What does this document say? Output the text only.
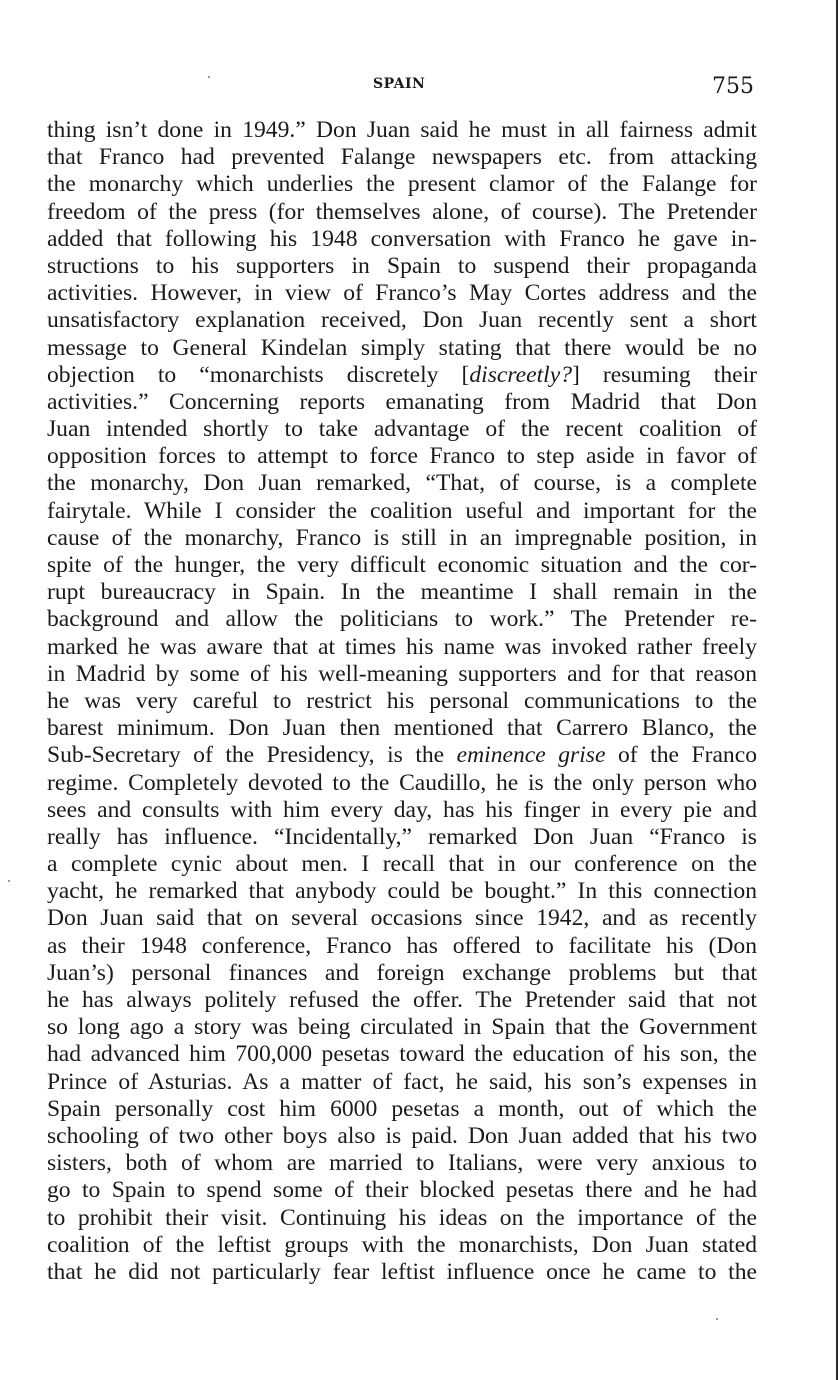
SPAIN	755
thing isn’t done in 1949.” Don Juan said he must in all fairness admit
that Franco had prevented Falange newspapers etc. from attacking
the monarchy which underlies the present clamor of the Falange for
freedom of the press (for themselves alone, of course). The Pretender
added that following his 1948 conversation with Franco he gave in-
structions to his supporters in Spain to suspend their propaganda
activities. However, in view of Franco’s May Cortes address and the
unsatisfactory explanation received, Don Juan recently sent a short
message to General Kindelan simply stating that there would be no
objection to “monarchists discretely [discreetly?] resuming their
activities.” Concerning reports emanating from Madrid that Don
Juan intended shortly to take advantage of the recent coalition of
opposition forces to attempt to force Franco to step aside in favor of
the monarchy, Don Juan remarked, “That, of course, is a complete
fairytale. While I consider the coalition useful and important for the
cause of the monarchy, Franco is still in an impregnable position, in
spite of the hunger, the very difficult economic situation and the cor-
rupt bureaucracy in Spain. In the meantime I shall remain in the
background and allow the politicians to work.” The Pretender re-
marked he was aware that at times his name was invoked rather freely
in Madrid by some of his well-meaning supporters and for that reason
he was very careful to restrict his personal communications to the
barest minimum. Don Juan then mentioned that Carrero Blanco, the
Sub-Secretary of the Presidency, is the eminence grise of the Franco
regime. Completely devoted to the Caudillo, he is the only person who
sees and consults with him every day, has his finger in every pie and
really has influence. “Incidentally,” remarked Don Juan “Franco is
a complete cynic about men. I recall that in our conference on the
yacht, he remarked that anybody could be bought.” In this connection
Don Juan said that on several occasions since 1942, and as recently
as their 1948 conference, Franco has offered to facilitate his (Don
Juan’s) personal finances and foreign exchange problems but that
he has always politely refused the offer. The Pretender said that not
so long ago a story was being circulated in Spain that the Government
had advanced him 700,000 pesetas toward the education of his son, the
Prince of Asturias. As a matter of fact, he said, his son’s expenses in
Spain personally cost him 6000 pesetas a month, out of which the
schooling of two other boys also is paid. Don Juan added that his two
sisters, both of whom are married to Italians, were very anxious to
go to Spain to spend some of their blocked pesetas there and he had
to prohibit their visit. Continuing his ideas on the importance of the
coalition of the leftist groups with the monarchists, Don Juan stated
that he did not particularly fear leftist influence once he came to the
